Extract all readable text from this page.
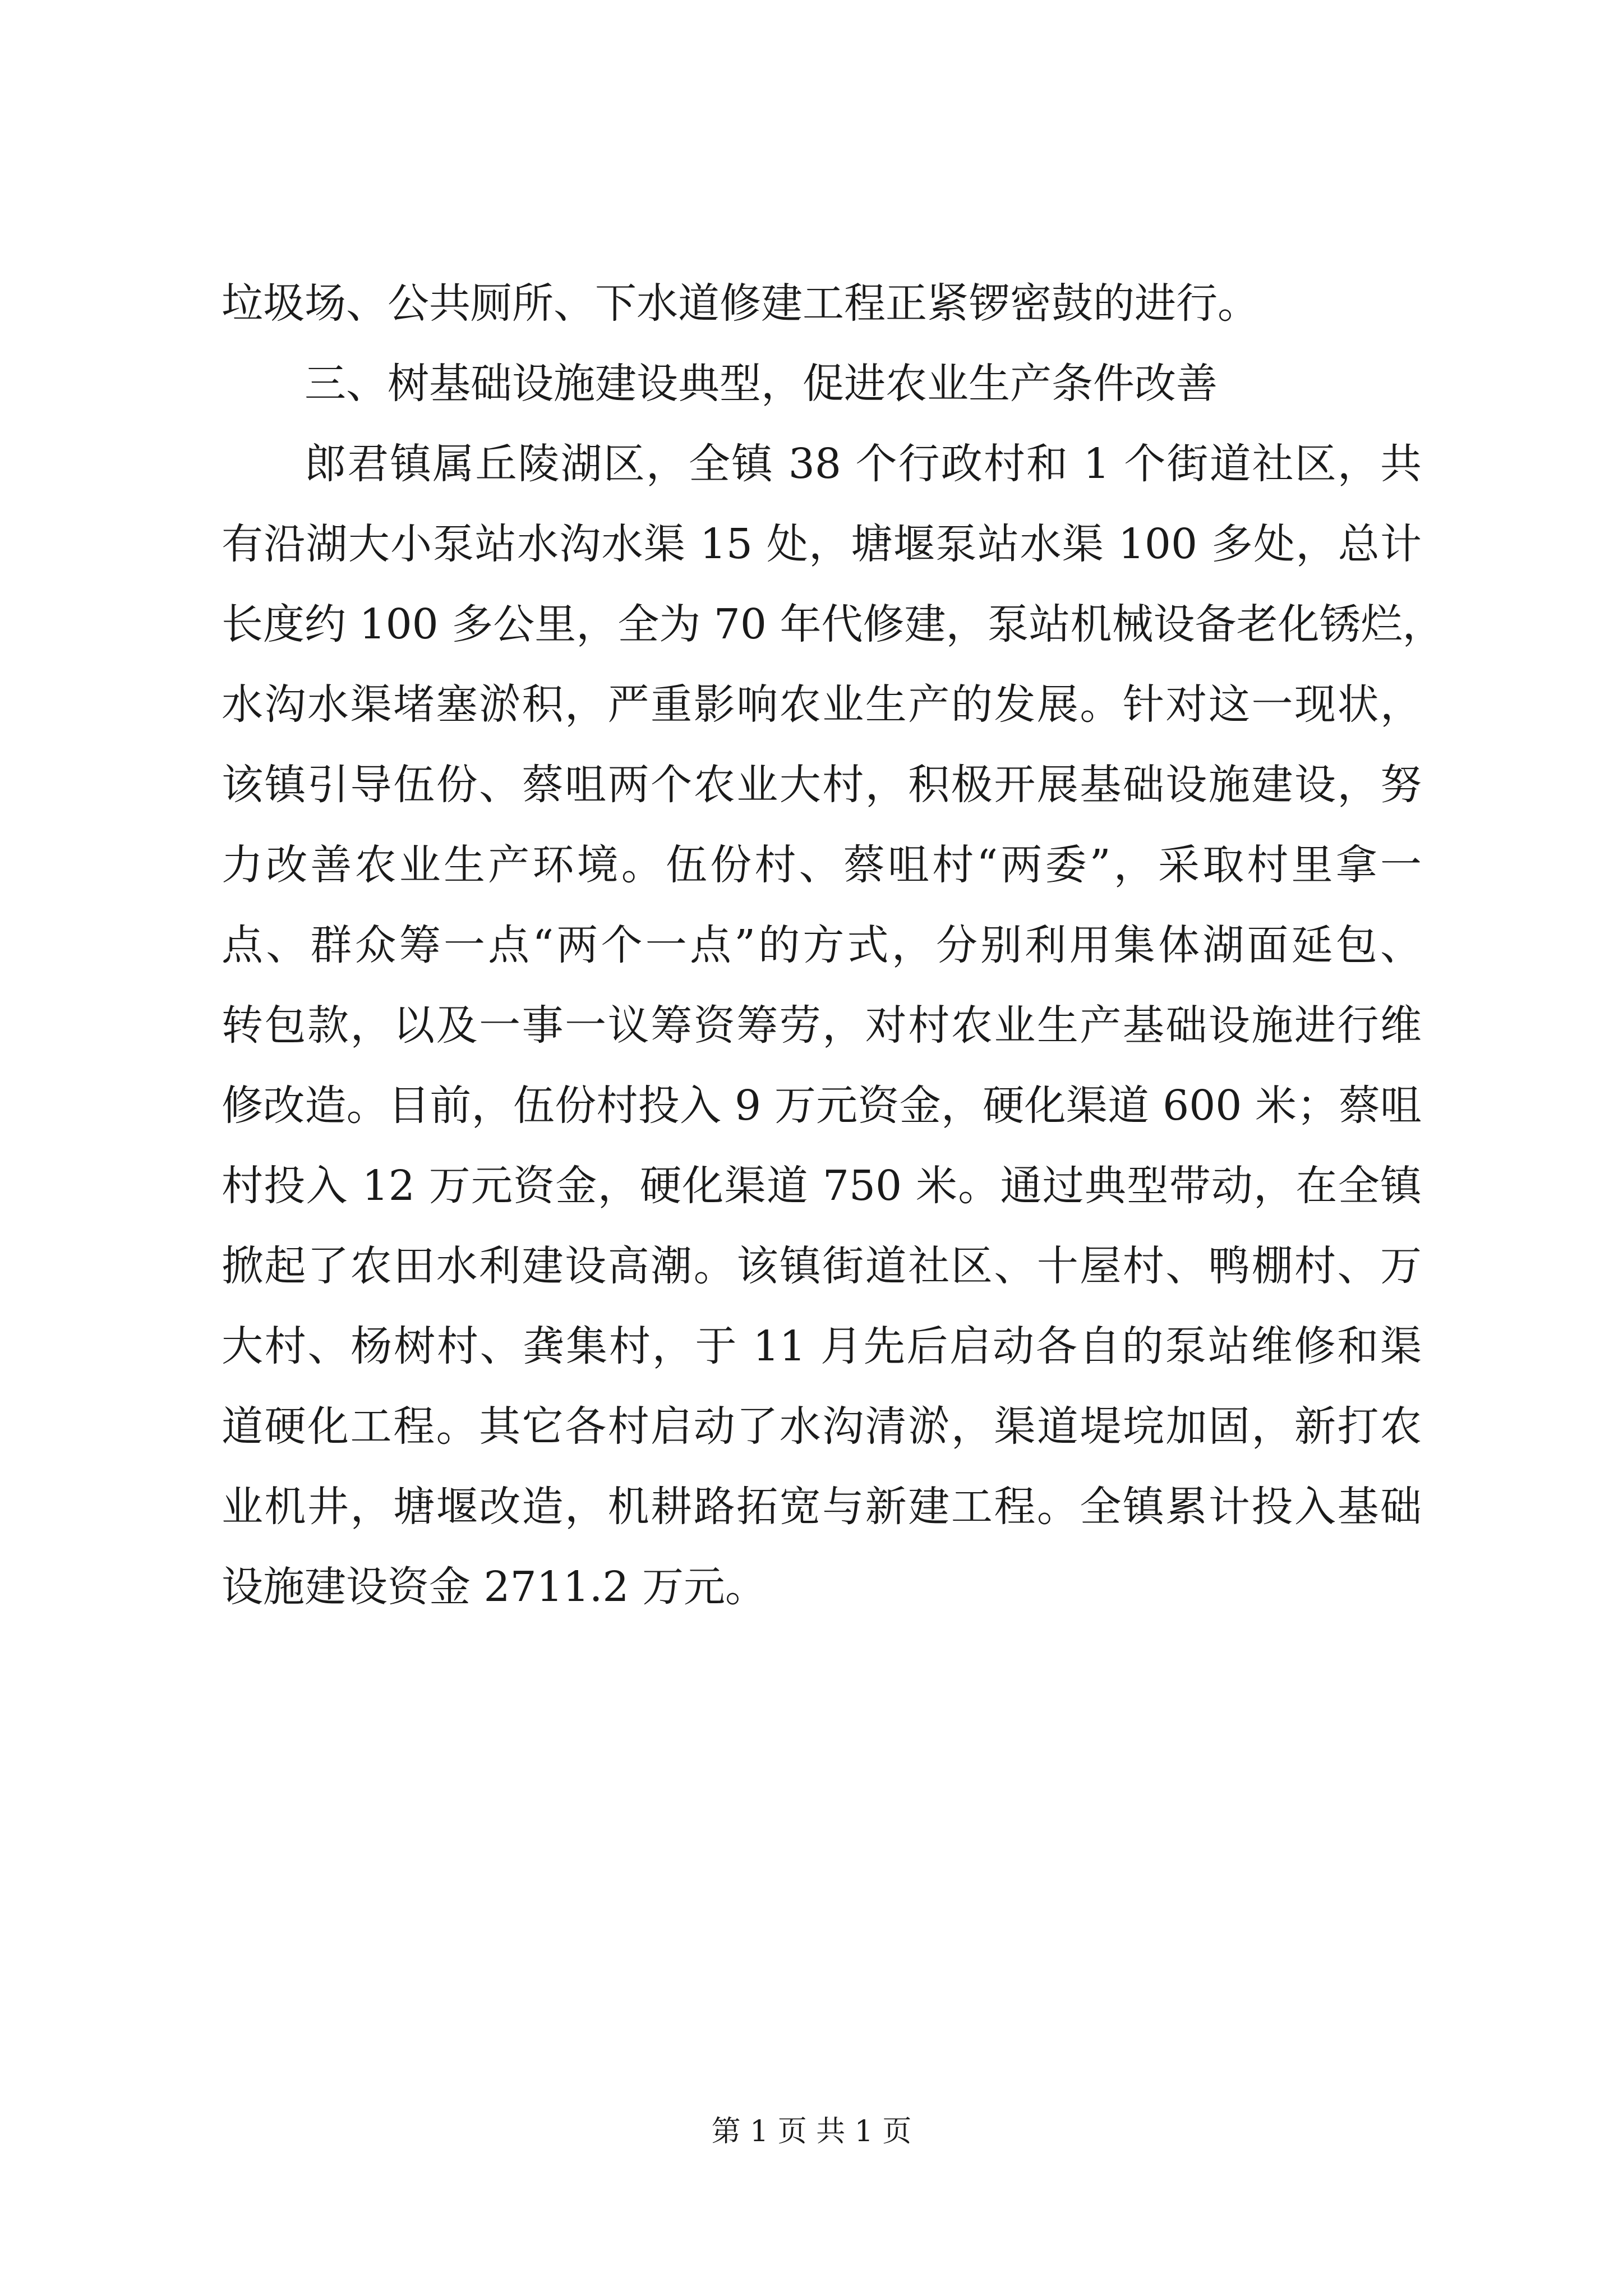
垃圾场、公共厕所、下水道修建工程正紧锣密鼓的进行。
三、树基础设施建设典型，促进农业生产条件改善
郎君镇属丘陵湖区，全镇 38 个行政村和 1 个街道社区，共
有沿湖大小泵站水沟水渠 15 处，塘堰泵站水渠 100 多处，总计
长度约 100 多公里，全为 70 年代修建，泵站机械设备老化锈烂，
水沟水渠堵塞淤积，严重影响农业生产的发展。针对这一现状，
该镇引导伍份、蔡咀两个农业大村，积极开展基础设施建设，努
力改善农业生产环境。伍份村、蔡咀村“两委”，采取村里拿一
点、群众筹一点“两个一点”的方式，分别利用集体湖面延包、
转包款，以及一事一议筹资筹劳，对村农业生产基础设施进行维
修改造。目前，伍份村投入 9 万元资金，硬化渠道 600 米；蔡咀
村投入 12 万元资金，硬化渠道 750 米。通过典型带动，在全镇
掀起了农田水利建设高潮。该镇街道社区、十屋村、鸭棚村、万
大村、杨树村、龚集村，于 11 月先后启动各自的泵站维修和渠
道硬化工程。其它各村启动了水沟清淤，渠道堤垸加固，新打农
业机井，塘堰改造，机耕路拓宽与新建工程。全镇累计投入基础
设施建设资金 2711.2 万元。
第 1 页 共 1 页
